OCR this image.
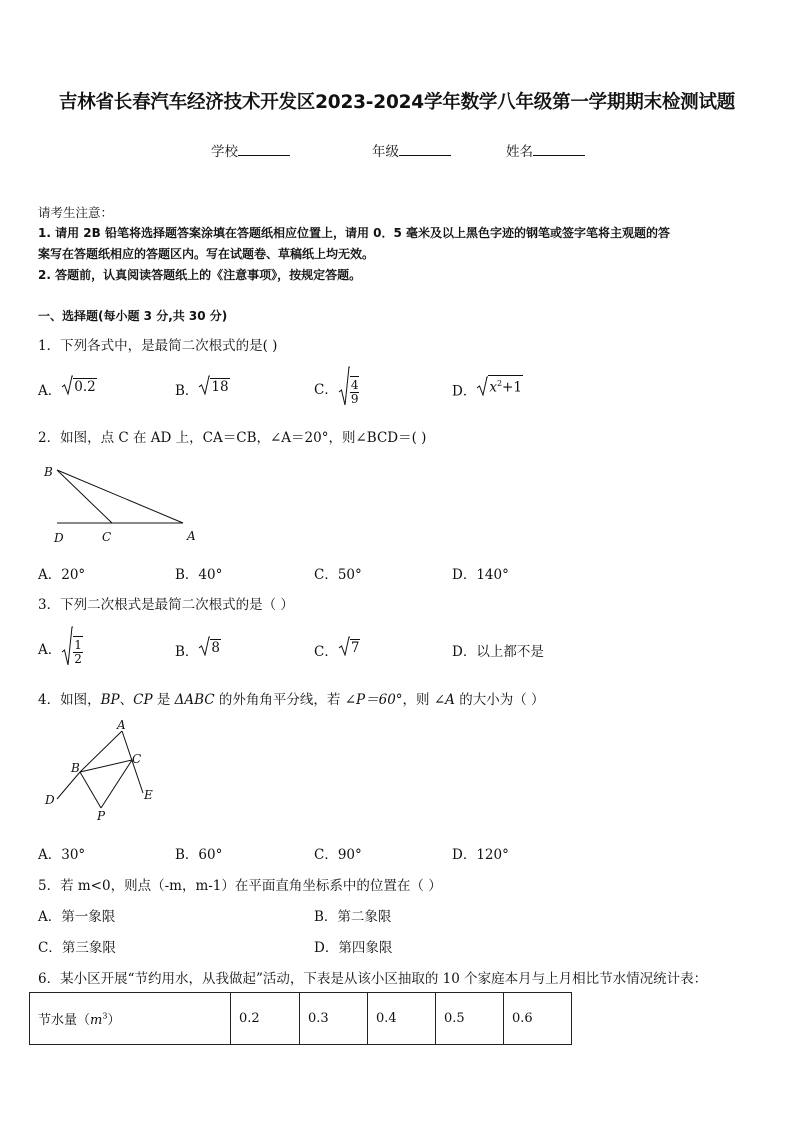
吉林省长春汽车经济技术开发区2023-2024学年数学八年级第一学期期末检测试题
学校	年级	姓名
请考生注意：
1. 请用 2B 铅笔将选择题答案涂填在答题纸相应位置上，请用 0．5 毫米及以上黑色字迹的钢笔或签字笔将主观题的答
案写在答题纸相应的答题区内。写在试题卷、草稿纸上均无效。
2. 答题前，认真阅读答题纸上的《注意事项》，按规定答题。
一、选择题(每小题 3 分,共 30 分)
1．下列各式中，是最简二次根式的是( )
A． 0.2	B． 18	C． $\frac{4}{9}$	D． $x^2+1$
2．如图，点 C 在 AD 上，CA＝CB，∠A＝20°，则∠BCD＝( )
B
D	C	A
A．20°	B．40°	C．50°	D．140°
3．下列二次根式是最简二次根式的是（ ）
A． $\frac{1}{2}$	B． 8	C． 7	D．以上都不是
4．如图，BP、CP 是 ΔABC 的外角角平分线，若 ∠P＝60°，则 ∠A 的大小为（ ）
A
B
C
D	E
P
A．30°	B．60°	C．90°	D．120°
5．若 m<0，则点（-m，m-1）在平面直角坐标系中的位置在（ ）
A．第一象限	B．第二象限
C．第三象限	D．第四象限
6．某小区开展“节约用水，从我做起”活动，下表是从该小区抽取的 10 个家庭本月与上月相比节水情况统计表：
节水量$(m^3)$	0.2	0.3	0.4	0.5	0.6
